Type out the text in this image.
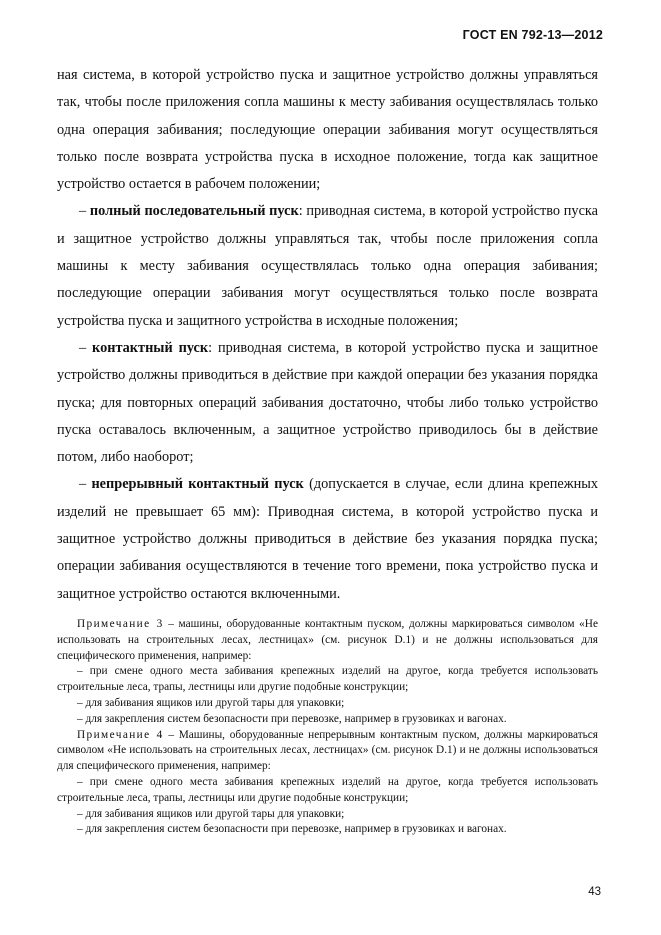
ГОСТ EN 792-13—2012

ная система, в которой устройство пуска и защитное устройство должны управляться так, чтобы после приложения сопла машины к месту забивания осуществлялась только одна операция забивания; последующие операции забивания могут осуществляться только после возврата устройства пуска в исходное положение, тогда как защитное устройство остается в рабочем положении;

– полный последовательный пуск: приводная система, в которой устройство пуска и защитное устройство должны управляться так, чтобы после приложения сопла машины к месту забивания осуществлялась только одна операция забивания; последующие операции забивания могут осуществляться только после возврата устройства пуска и защитного устройства в исходные положения;

– контактный пуск: приводная система, в которой устройство пуска и защитное устройство должны приводиться в действие при каждой операции без указания порядка пуска; для повторных операций забивания достаточно, чтобы либо только устройство пуска оставалось включенным, а защитное устройство приводилось бы в действие потом, либо наоборот;

– непрерывный контактный пуск (допускается в случае, если длина крепежных изделий не превышает 65 мм): Приводная система, в которой устройство пуска и защитное устройство должны приводиться в действие без указания порядка пуска; операции забивания осуществляются в течение того времени, пока устройство пуска и защитное устройство остаются включенными.

Примечание 3 – машины, оборудованные контактным пуском, должны маркироваться символом «Не использовать на строительных лесах, лестницах» (см. рисунок D.1) и не должны использоваться для специфического применения, например:

– при смене одного места забивания крепежных изделий на другое, когда требуется использовать строительные леса, трапы, лестницы или другие подобные конструкции;

– для забивания ящиков или другой тары для упаковки;

– для закрепления систем безопасности при перевозке, например в грузовиках и вагонах.

Примечание 4 – Машины, оборудованные непрерывным контактным пуском, должны маркироваться символом «Не использовать на строительных лесах, лестницах» (см. рисунок D.1) и не должны использоваться для специфического применения, например:

– при смене одного места забивания крепежных изделий на другое, когда требуется использовать строительные леса, трапы, лестницы или другие подобные конструкции;

– для забивания ящиков или другой тары для упаковки;

– для закрепления систем безопасности при перевозке, например в грузовиках и вагонах.

43
